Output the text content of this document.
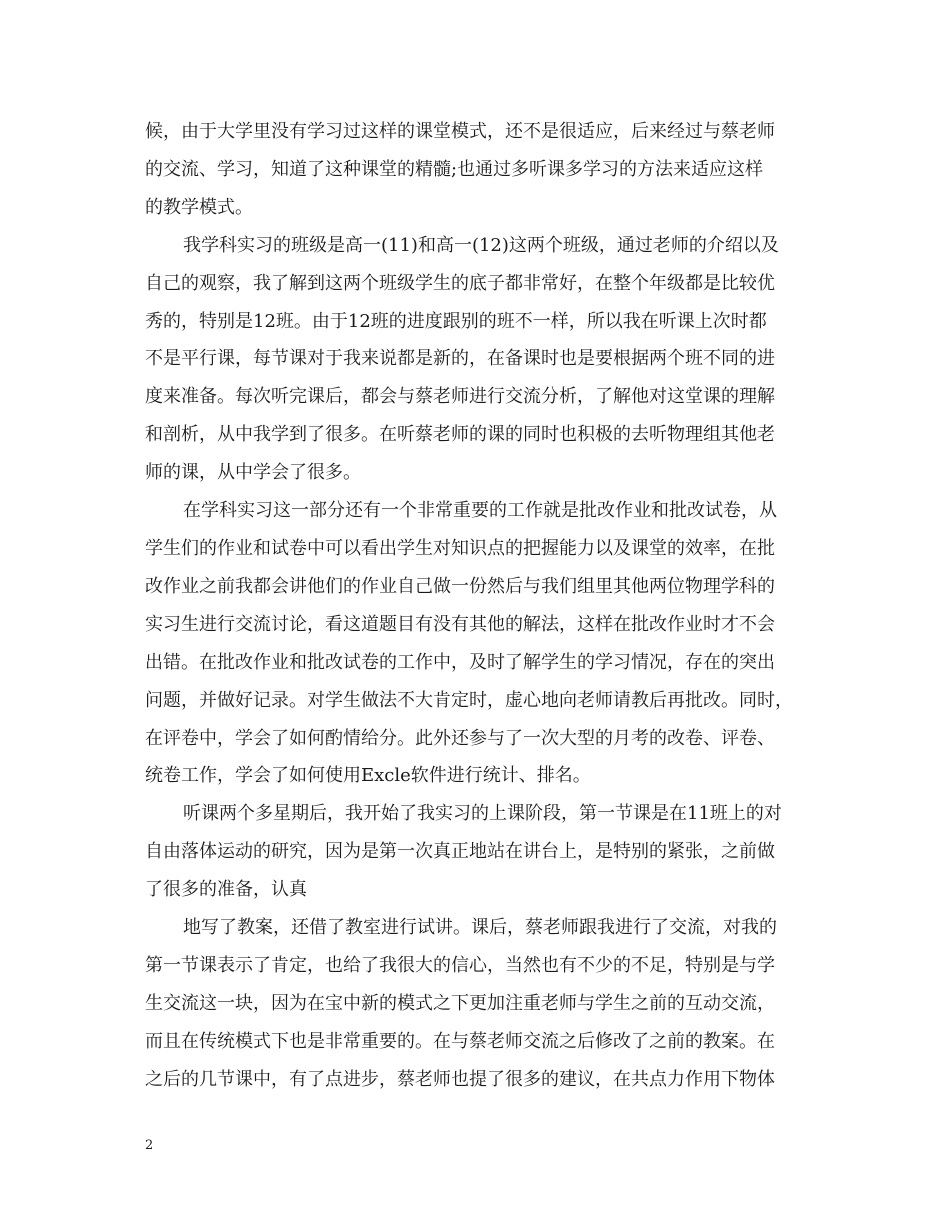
候，由于大学里没有学习过这样的课堂模式，还不是很适应，后来经过与蔡老师
的交流、学习，知道了这种课堂的精髓;也通过多听课多学习的方法来适应这样
的教学模式。

我学科实习的班级是高一(11)和高一(12)这两个班级，通过老师的介绍以及
自己的观察，我了解到这两个班级学生的底子都非常好，在整个年级都是比较优
秀的，特别是12班。由于12班的进度跟别的班不一样，所以我在听课上次时都
不是平行课，每节课对于我来说都是新的，在备课时也是要根据两个班不同的进
度来准备。每次听完课后，都会与蔡老师进行交流分析，了解他对这堂课的理解
和剖析，从中我学到了很多。在听蔡老师的课的同时也积极的去听物理组其他老
师的课，从中学会了很多。

在学科实习这一部分还有一个非常重要的工作就是批改作业和批改试卷，从
学生们的作业和试卷中可以看出学生对知识点的把握能力以及课堂的效率，在批
改作业之前我都会讲他们的作业自己做一份然后与我们组里其他两位物理学科的
实习生进行交流讨论，看这道题目有没有其他的解法，这样在批改作业时才不会
出错。在批改作业和批改试卷的工作中，及时了解学生的学习情况，存在的突出
问题，并做好记录。对学生做法不大肯定时，虚心地向老师请教后再批改。同时，
在评卷中，学会了如何酌情给分。此外还参与了一次大型的月考的改卷、评卷、
统卷工作，学会了如何使用Excle软件进行统计、排名。

听课两个多星期后，我开始了我实习的上课阶段，第一节课是在11班上的对
自由落体运动的研究，因为是第一次真正地站在讲台上，是特别的紧张，之前做
了很多的准备，认真

地写了教案，还借了教室进行试讲。课后，蔡老师跟我进行了交流，对我的
第一节课表示了肯定，也给了我很大的信心，当然也有不少的不足，特别是与学
生交流这一块，因为在宝中新的模式之下更加注重老师与学生之前的互动交流，
而且在传统模式下也是非常重要的。在与蔡老师交流之后修改了之前的教案。在
之后的几节课中，有了点进步，蔡老师也提了很多的建议，在共点力作用下物体

2
